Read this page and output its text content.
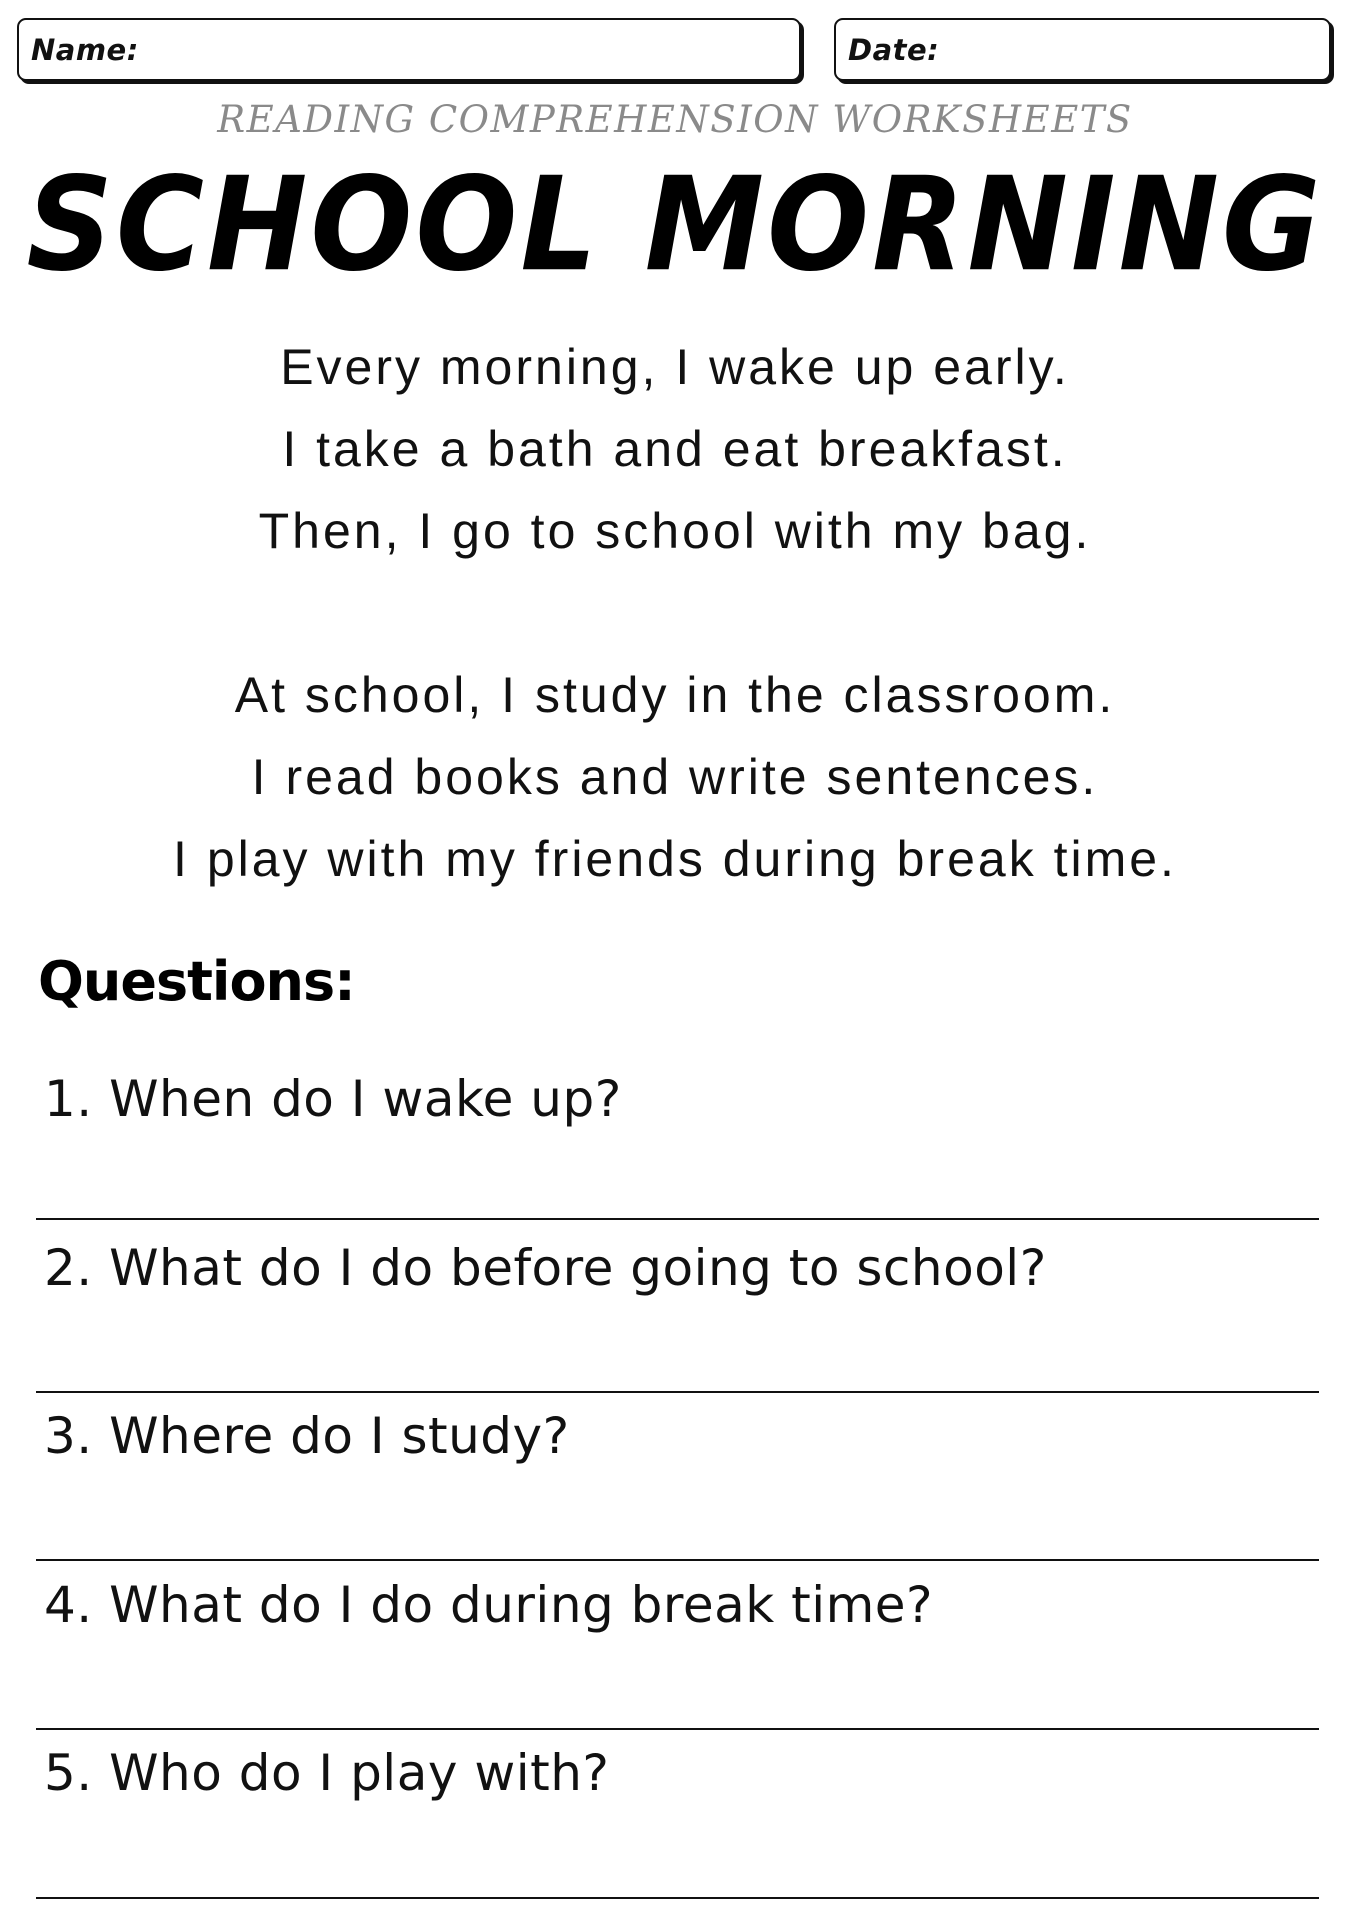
Name:	Date:
READING COMPREHENSION WORKSHEETS
SCHOOL MORNING
Every morning, I wake up early.
I take a bath and eat breakfast.
Then, I go to school with my bag.
At school, I study in the classroom.
I read books and write sentences.
I play with my friends during break time.
Questions:
1. When do I wake up?
2. What do I do before going to school?
3. Where do I study?
4. What do I do during break time?
5. Who do I play with?
